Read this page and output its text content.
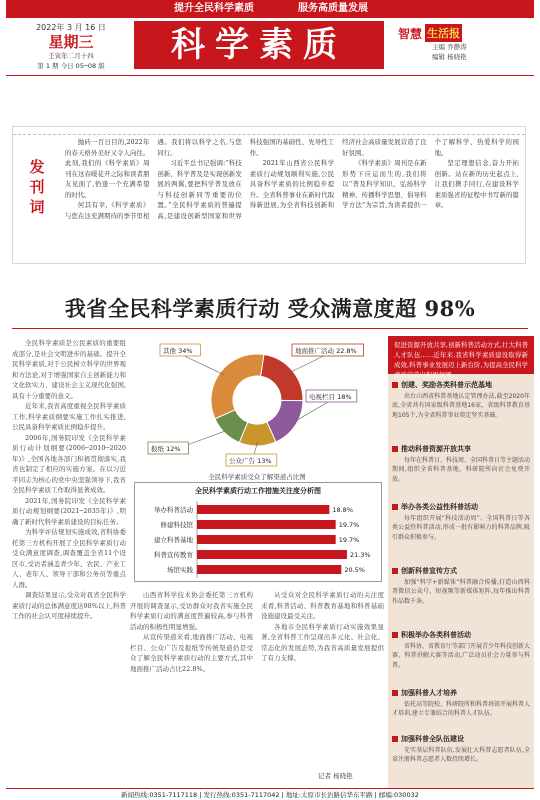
提升全民科学素质	服务高质量发展
2022年 3 月 16 日
星期三
壬寅年二月十四
第 1 期 今日 05─08 版
科学素质	智慧 生活报
主编 乔静涛
编辑 杨晓艳
发刊词

抛砖一百日目的,2022年的春天格外美好又令人向往。此刻,我们的《科学素质》周刊在这春暖花开之际和读者朋友见面了,恰逢一个充满希望的时代。

何其有幸,《科学素质》与您在这充满期待的季节里相遇。我们将以科学之名,与您同行。

习近平总书记强调:“科技创新、科学普及是实现创新发展的两翼,要把科学普及放在与科技创新同等重要的位置。”全民科学素质的普遍提高,是建设创新型国家和世界科技强国的基础性、先导性工作。

2021年山西省公民科学素质行动规划顺利实施,公民具备科学素质的比例稳步提升。全省科普事业在新时代取得新进展,为全省科技创新和经济社会高质量发展营造了良好氛围。

《科学素质》周刊是在新形势下应运而生的,我们将以“普及科学知识、弘扬科学精神、传播科学思想、倡导科学方法”为宗旨,为读者提供一个了解科学、热爱科学的园地。

坚定理想信念,奋力开拓创新。站在新的历史起点上,让我们携手同行,在建设科学素质强省的征程中书写新的篇章。

我省全民科学素质行动 受众满意度超 98%

全民科学素质是公民素质的重要组成部分,是社会文明进步的基础。提升全民科学素质,对于公民树立科学的世界观和方法论,对于增强国家自主创新能力和文化软实力、建设社会主义现代化强国,具有十分重要的意义。

近年来,我省高度重视全民科学素质工作,科学素质纲要实施工作扎实推进,公民具备科学素质比例稳步提升。

2006年,国务院印发《全民科学素质行动计划纲要(2006─2010─2020年)》,全国各地各部门积极贯彻落实,我省也制定了相应的实施方案。在以习近平同志为核心的党中央坚强领导下,我省全民科学素质工作取得显著成效。

2021年,国务院印发《全民科学素质行动规划纲要(2021─2035年)》,明确了新时代科学素质建设的目标任务。

为科学评估规划实施成效,省科协委托第三方机构开展了全民科学素质行动受众满意度调查,调查覆盖全省11个设区市,受访者涵盖青少年、农民、产业工人、老年人、领导干部和公务员等重点人群。

调查结果显示,受众对我省全民科学素质行动的总体满意度达98%以上,科普工作的社会认可度持续提升。

地面推广活动 22.8%
电视栏目 18%
公众广告 13%
报纸 12%
其他 34%
全民科学素质受众了解渠道占比图
全民科学素质行动工作措施关注度分析图
举办科普活动	18.8%
修建科技馆	19.7%
建立科普基地	19.7%
科普宣传教育	21.3%
场馆实践	20.5%

山西省科学技术协会委托第三方机构开展的调查显示,受访群众对我省实施全民科学素质行动的满意度普遍较高,参与科普活动的积极性明显增强。

从宣传渠道来看,地面推广活动、电视栏目、公众广告及报纸等传统渠道仍是受众了解全民科学素质行动的主要方式,其中地面推广活动占比22.8%。

从受众对全民科学素质行动的关注度来看,科普活动、科普教育基地和科普基础设施建设最受关注。

各地市全民科学素质行动实施效果显著,全省科普工作呈现出多元化、社会化、常态化的发展态势,为我省高质量发展提供了有力支撑。

记者 杨晓艳
促进资源开放共享,创新科普活动方式,壮大科普人才队伍……近年来,我省科学素质建设取得新成效,科普事业发展迈上新台阶,为提高全民科学素质营造出积极氛围。
创建、奖励各类科普示范基地
出台山西省科普基地认定管理办法,截至2020年底,全省共有国家级科普基地16家、省级科普教育基地105个,为全省科普事业奠定坚实基础。
推动科普资源开放共享
每年在科普日、科技周、全国科普日等主题活动期间,组织全省科普基地、科研院所向社会免费开放。
举办各类公益性科普活动
每年组织开展“科技活动周”、全国科普日等各类公益性科普活动,形成一批有影响力的科普品牌,吸引群众积极参与。
创新科普宣传方式
加强“科学+新媒体”科普融合传播,打造山西科普微信公众号、短视频等新媒体矩阵,每年推出科普作品数千条。
积极举办各类科普活动
省科协、省教育厅等部门开展青少年科技创新大赛、科普讲解大赛等活动,广泛动员社会力量参与科普。
加强科普人才培养
依托高等院校、科研院所和科普场馆开展科普人才培训,建立专兼结合的科普人才队伍。
加强科普全队伍建设
充实基层科普队伍,发展壮大科普志愿者队伍,全省注册科普志愿者人数持续增长。
新闻热线:0351-7117118 | 发行热线:0351-7117042 | 地址:太原市长治路信华东平路 | 邮编:030032
